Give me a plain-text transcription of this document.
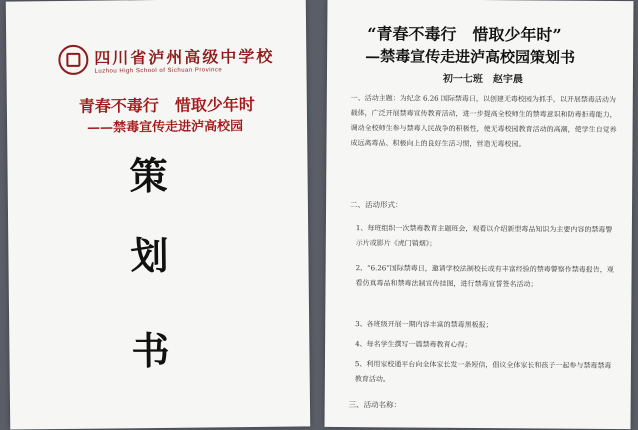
四川省泸州高级中学校
Luzhou High School of Sichuan Province
青春不毒行　惜取少年时
——禁毒宣传走进泸高校园
策
划
书
“青春不毒行　惜取少年时”
—禁毒宣传走进泸高校园策划书
初一七班　赵宇晨
一、活动主题：为纪念 6.26 国际禁毒日，以创建无毒校园为抓手，以开展禁毒活动为载体，广泛开展禁毒宣传教育活动，进一步提高全校师生的禁毒意识和防毒拒毒能力，调动全校师生参与禁毒人民战争的积极性，使无毒校园教育活动的高潮，使学生自觉养成远离毒品、积极向上的良好生活习惯，营造无毒校园。
二、活动形式：
1、每班组织一次禁毒教育主题班会，观看以介绍新型毒品知识为主要内容的禁毒警示片或影片《虎门销烟》；
2、“6.26”国际禁毒日，邀请学校法制校长或有丰富经验的禁毒警察作禁毒报告，观看仿真毒品和禁毒法制宣传挂图，进行禁毒宣誓签名活动；
3、各班级开展一期内容丰富的禁毒黑板报；
4、每名学生撰写一篇禁毒教育心得；
5、利用家校通平台向全体家长发一条短信，倡议全体家长和孩子一起参与禁毒禁毒教育活动。
三、活动名称：
